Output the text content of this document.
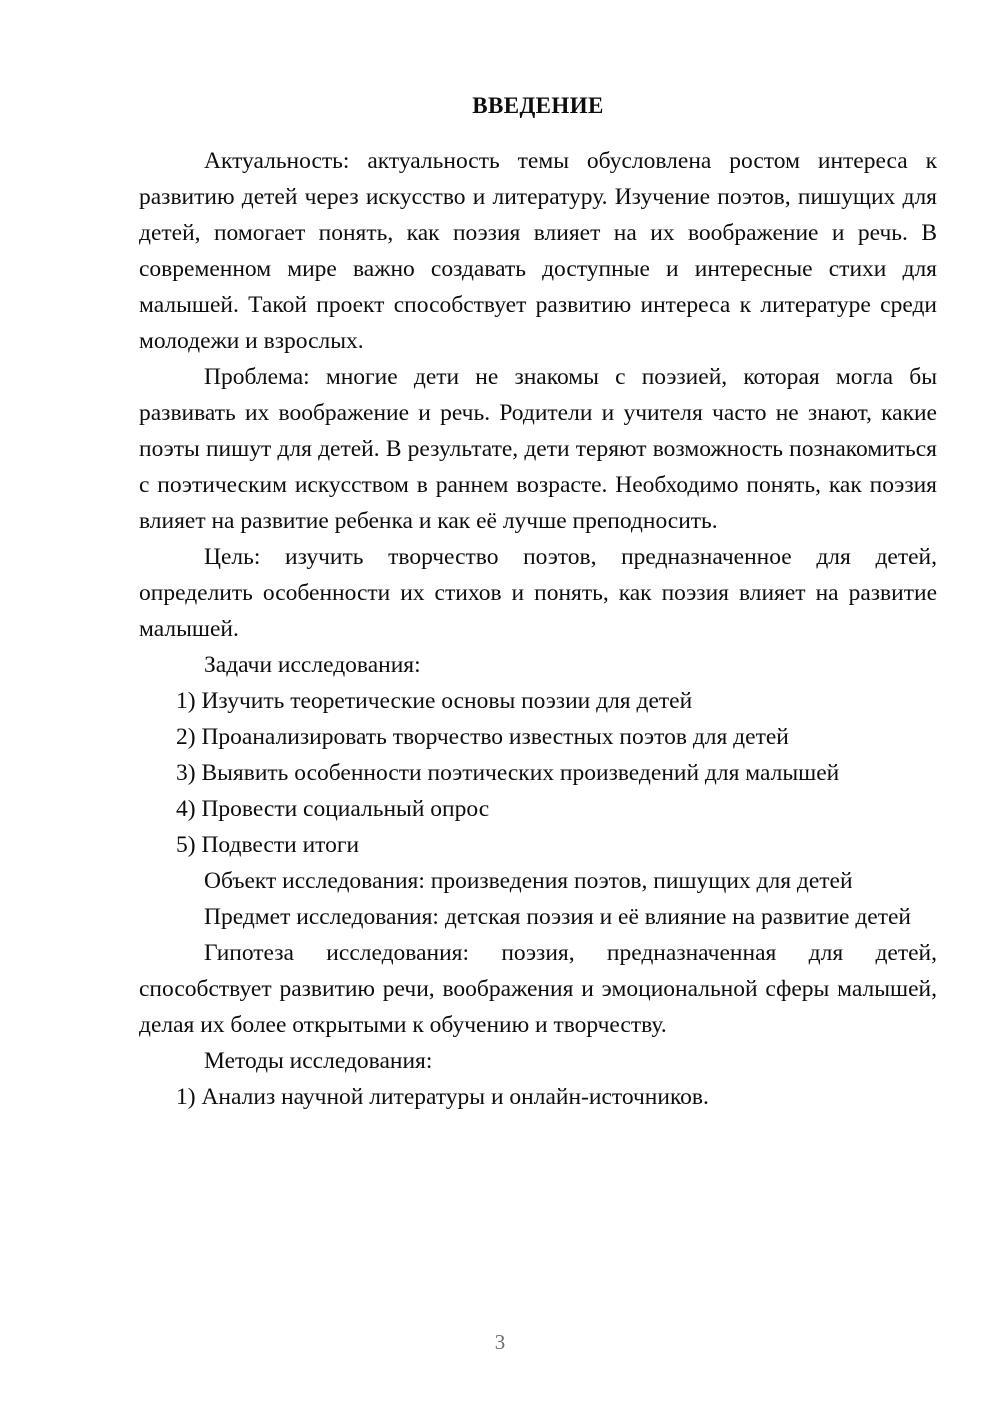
ВВЕДЕНИЕ

Актуальность: актуальность темы обусловлена ростом интереса к развитию детей через искусство и литературу. Изучение поэтов, пишущих для детей, помогает понять, как поэзия влияет на их воображение и речь. В современном мире важно создавать доступные и интересные стихи для малышей. Такой проект способствует развитию интереса к литературе среди молодежи и взрослых.

Проблема: многие дети не знакомы с поэзией, которая могла бы развивать их воображение и речь. Родители и учителя часто не знают, какие поэты пишут для детей. В результате, дети теряют возможность познакомиться с поэтическим искусством в раннем возрасте. Необходимо понять, как поэзия влияет на развитие ребенка и как её лучше преподносить.

Цель: изучить творчество поэтов, предназначенное для детей, определить особенности их стихов и понять, как поэзия влияет на развитие малышей.

Задачи исследования:

1) Изучить теоретические основы поэзии для детей

2) Проанализировать творчество известных поэтов для детей

3) Выявить особенности поэтических произведений для малышей

4) Провести социальный опрос

5) Подвести итоги

Объект исследования: произведения поэтов, пишущих для детей

Предмет исследования: детская поэзия и её влияние на развитие детей

Гипотеза исследования: поэзия, предназначенная для детей, способствует развитию речи, воображения и эмоциональной сферы малышей, делая их более открытыми к обучению и творчеству.

Методы исследования:

1) Анализ научной литературы и онлайн-источников.

3
